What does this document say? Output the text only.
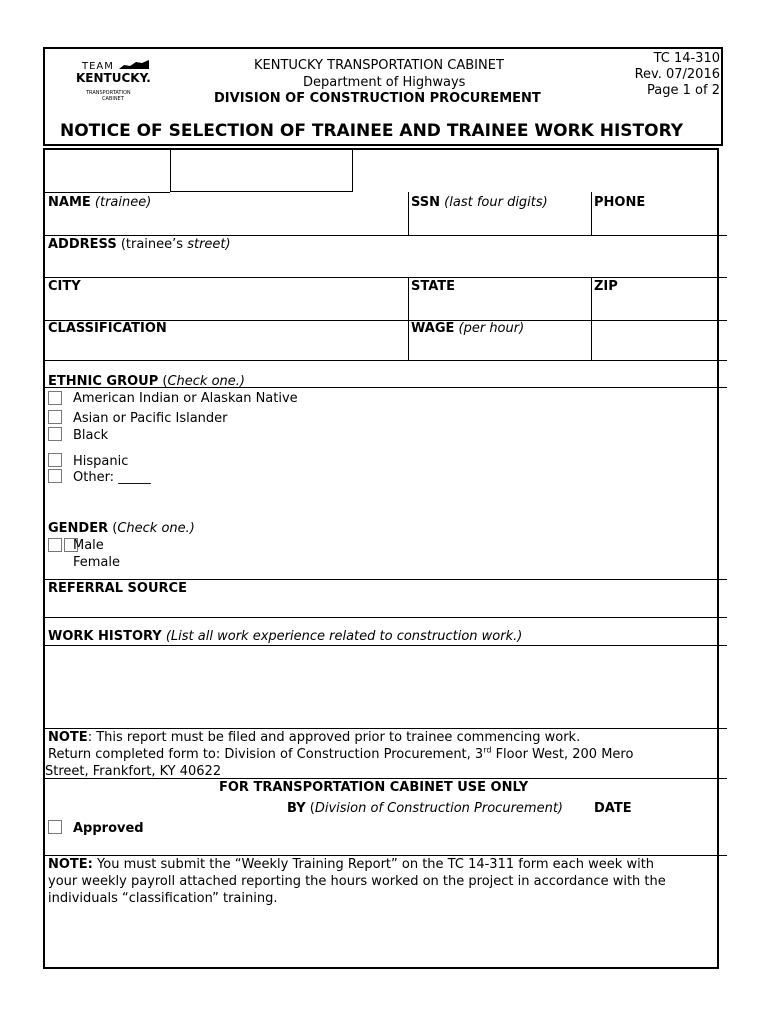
TEAM
KENTUCKY.
TRANSPORTATION
CABINET
KENTUCKY TRANSPORTATION CABINET
Department of Highways
DIVISION OF CONSTRUCTION PROCUREMENT
TC 14-310
Rev. 07/2016
Page 1 of 2
NOTICE OF SELECTION OF TRAINEE AND TRAINEE WORK HISTORY
NAME (trainee)	SSN (last four digits)	PHONE
ADDRESS (trainee’s street)
CITY	STATE	ZIP
CLASSIFICATION	WAGE (per hour)
ETHNIC GROUP (Check one.)
American Indian or Alaskan Native
Asian or Pacific Islander
Black
Hispanic
Other: _____
GENDER (Check one.)
Male
Female
REFERRAL SOURCE
WORK HISTORY (List all work experience related to construction work.)
NOTE: This report must be filed and approved prior to trainee commencing work.
Return completed form to: Division of Construction Procurement, 3rd Floor West, 200 Mero
Street, Frankfort, KY 40622
FOR TRANSPORTATION CABINET USE ONLY
BY (Division of Construction Procurement) DATE
Approved
NOTE: You must submit the “Weekly Training Report” on the TC 14-311 form each week with
your weekly payroll attached reporting the hours worked on the project in accordance with the
individuals “classification” training.
